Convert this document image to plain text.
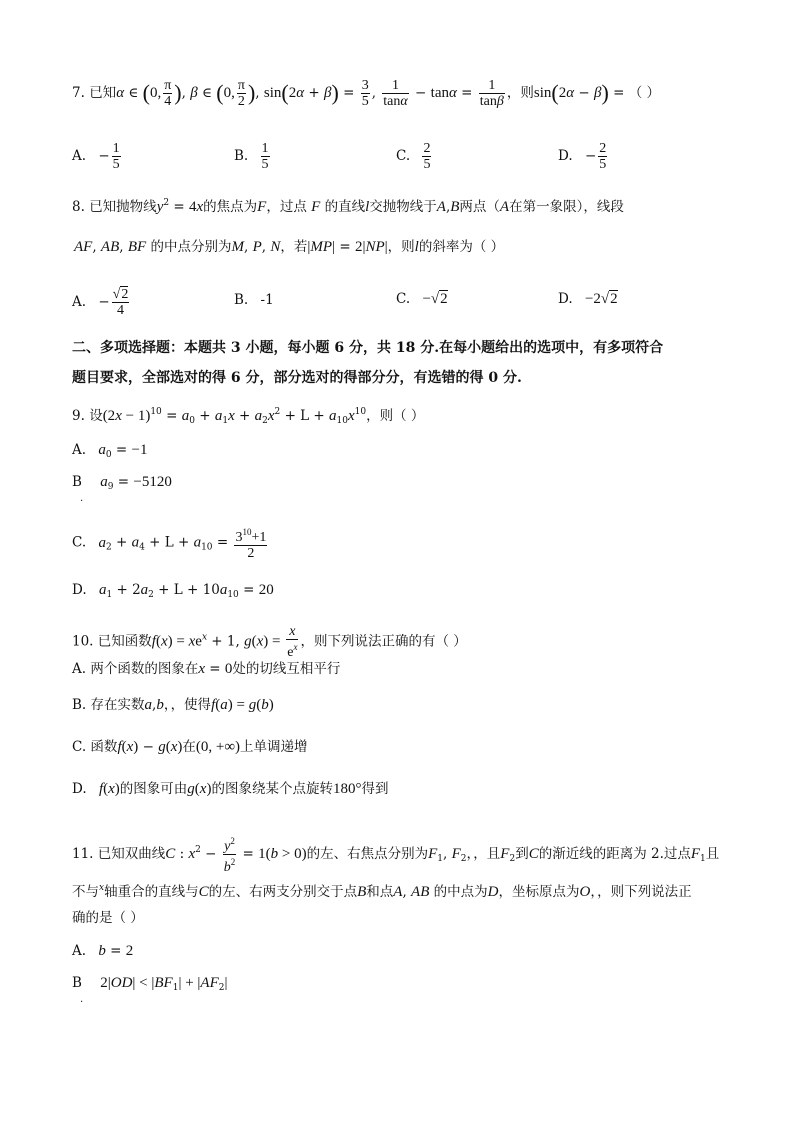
7. 已知α ∈ (0, $\frac{\pi}{4}$ ), β ∈ (0, $\frac{\pi}{2}$ ), $\sin(2\alpha + \beta) = \frac{3}{5}$ , $\frac{1}{\tan\alpha} - \tan\alpha = \frac{1}{\tan\beta}$ ，则sin(2α − β) = （ ）
A. − $\frac{1}{5}$	B. $\frac{1}{5}$	C. $\frac{2}{5}$	D. − $\frac{2}{5}$
8. 已知抛物线$y^2 = 4x$的焦点为F，过点 F 的直线l交抛物线于A,B两点（A在第一象限），线段
AF, AB, BF 的中点分别为M, P, N，若|MP| = 2|NP|，则l的斜率为（ ）
A. − $\frac{√2}{4}$	B. -1	C. −√2	D. −2√2
二、多项选择题：本题共 3 小题，每小题 6 分，共 18 分.在每小题给出的选项中，有多项符合
题目要求，全部选对的得 6 分，部分选对的得部分分，有选错的得 0 分.
9. 设$(2x - 1)^{10} = a_0 + a_1x + a_2x^2 + L + a_{10}x^{10}$，则（ ）
A. $a_0 = -1$
B $a_9 = -5120$
.
C. $a_2 + a_4 + L + a_{10} = \frac{3^{10}+1}{2}$
D. $a_1 + 2a_2 + L + 10a_{10} = 20$
10. 已知函数$f(x) = xe^x + 1$, $g(x) = \frac{x}{e^x}$ ，则下列说法正确的有（ ）
A. 两个函数的图象在x = 0处的切线互相平行
B. 存在实数a,b，，使得f(a) = g(b)
C. 函数f(x) − g(x)在(0, +∞)上单调递增
D. f(x)的图象可由g(x)的图象绕某个点旋转180°得到
11. 已知双曲线C : $x^2 - \frac{y^2}{b^2} = 1(b > 0)$的左、右焦点分别为$F_1$, $F_2$，，且$F_2$到C的渐近线的距离为 2.过点$F_1$且
不与$^x$轴重合的直线与C的左、右两支分别交于点B和点A, AB 的中点为D，坐标原点为O，，则下列说法正
确的是（ ）
A. b = 2
B $2|OD| < |BF_1| + |AF_2|$
.
